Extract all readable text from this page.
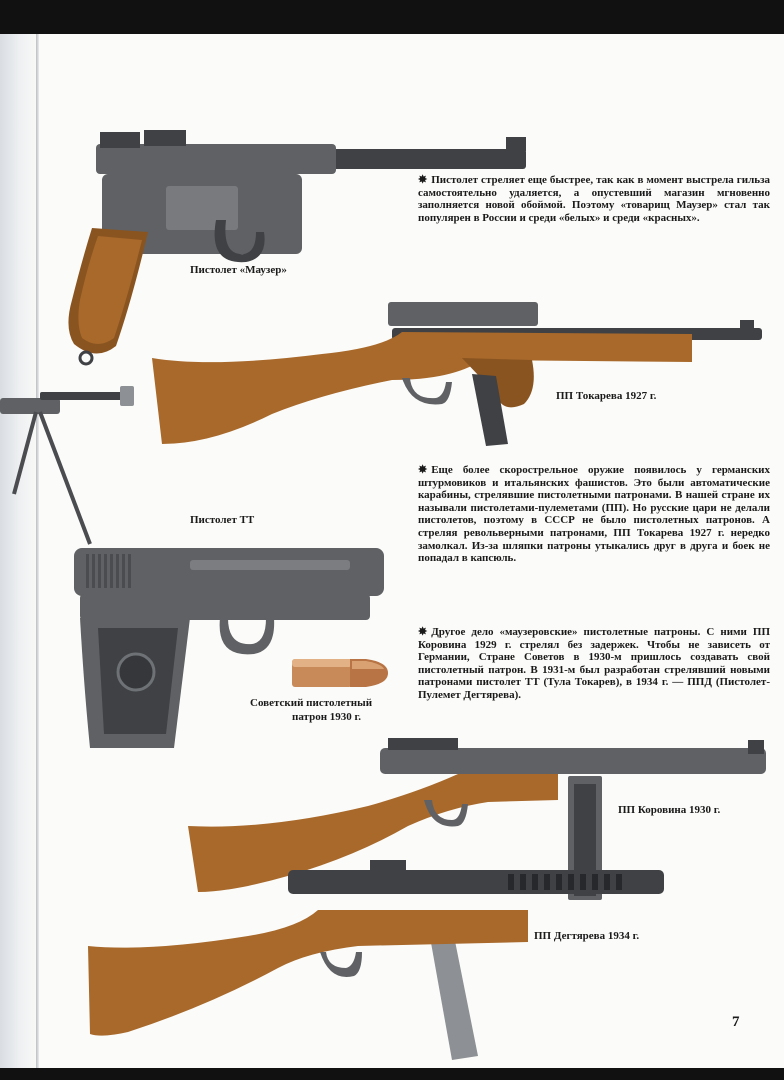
✸ Пистолет стреляет еще быстрее, так как в момент выстрела гильза самостоятельно удаляется, а опустевший магазин мгновенно заполняется новой обоймой. Поэтому «товарищ Маузер» стал так популярен в России и среди «белых» и среди «красных».

Пистолет «Маузер»

ПП Токарева 1927 г.

✸ Еще более скорострельное оружие появилось у германских штурмовиков и итальянских фашистов. Это были автоматические карабины, стрелявшие пистолетными патронами. В нашей стране их называли пистолетами-пулеметами (ПП). Но русские цари не делали пистолетов, поэтому в СССР не было пистолетных патронов. А стреляя револьверными патронами, ПП Токарева 1927 г. нередко замолкал. Из-за шляпки патроны утыкались друг в друга и боек не попадал в капсюль.

Пистолет ТТ

✸ Другое дело «маузеровские» пистолетные патроны. С ними ПП Коровина 1929 г. стрелял без задержек. Чтобы не зависеть от Германии, Стране Советов в 1930-м пришлось создавать свой пистолетный патрон. В 1931-м был разработан стрелявший новыми патронами пистолет ТТ (Тула Токарев), в 1934 г. — ППД (Пистолет-Пулемет Дегтярева).

Советский пистолетный

патрон 1930 г.

ПП Коровина 1930 г.

ПП Дегтярева 1934 г.

7
